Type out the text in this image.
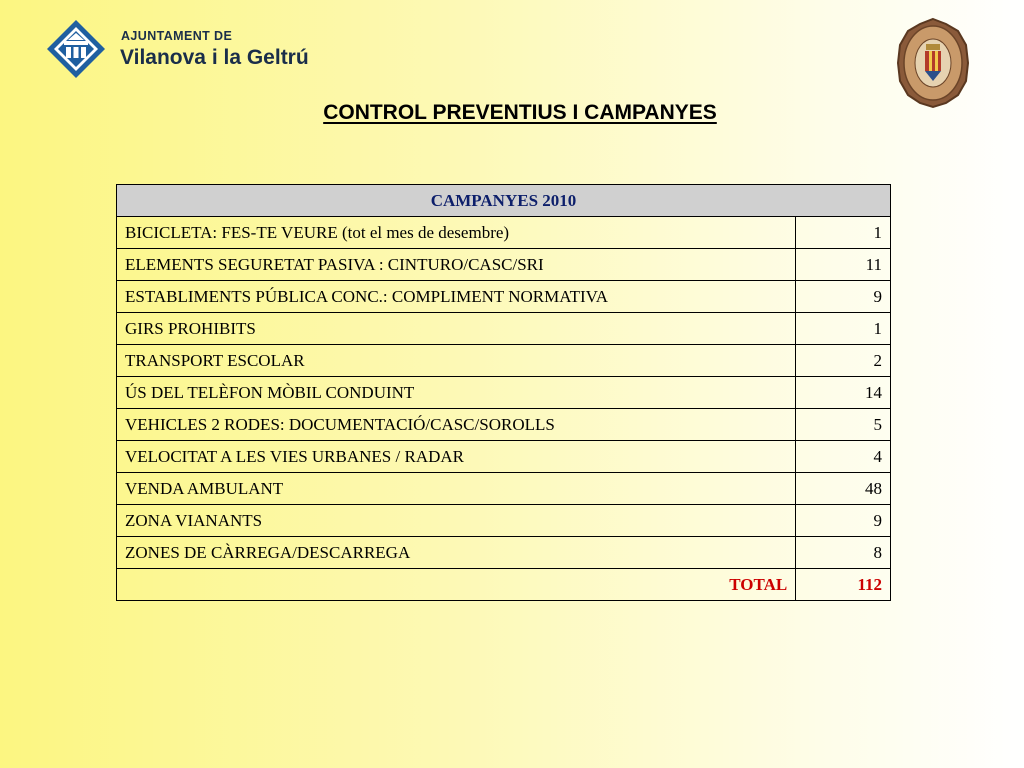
AJUNTAMENT DE
Vilanova i la Geltrú
CONTROL PREVENTIUS I CAMPANYES
CAMPANYES 2010	
BICICLETA: FES-TE VEURE (tot el mes de desembre)	1
ELEMENTS SEGURETAT PASIVA : CINTURO/CASC/SRI	11
ESTABLIMENTS PÚBLICA CONC.: COMPLIMENT NORMATIVA	9
GIRS PROHIBITS	1
TRANSPORT ESCOLAR	2
ÚS DEL TELÈFON MÒBIL CONDUINT	14
VEHICLES 2 RODES: DOCUMENTACIÓ/CASC/SOROLLS	5
VELOCITAT A LES VIES URBANES / RADAR	4
VENDA AMBULANT	48
ZONA VIANANTS	9
ZONES DE CÀRREGA/DESCARREGA	8
TOTAL	112
